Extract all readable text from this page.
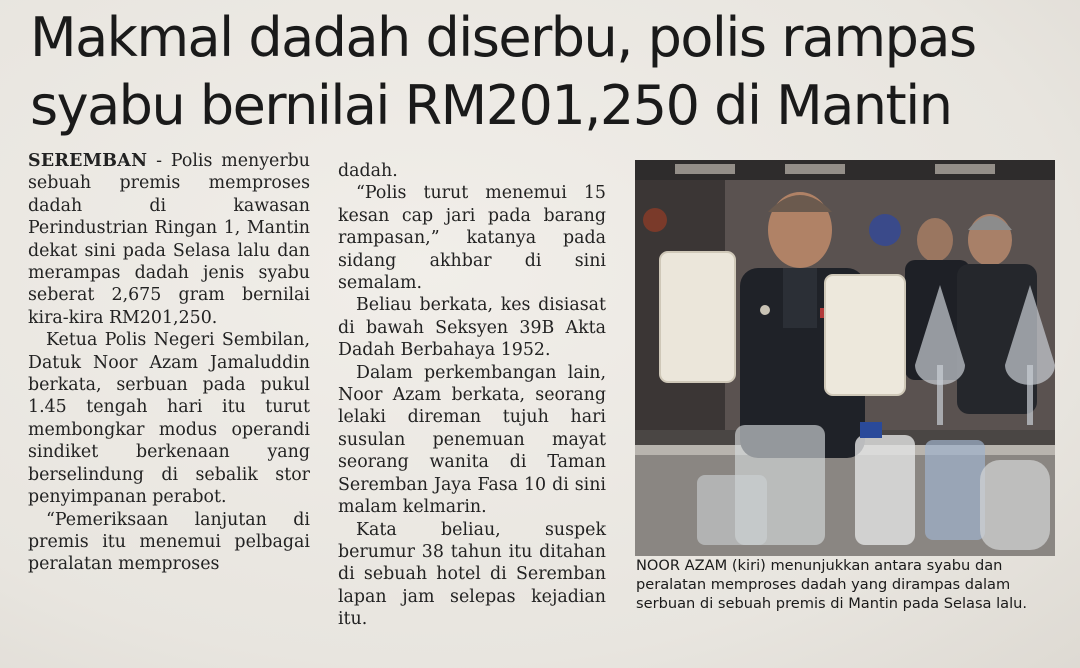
Makmal dadah diserbu, polis rampas
syabu bernilai RM201,250 di Mantin

SEREMBAN - Polis menyerbu sebuah premis memproses dadah di kawasan Perindustrian Ringan 1, Mantin dekat sini pada Selasa lalu dan merampas dadah jenis syabu seberat 2,675 gram bernilai kira-kira RM201,250.

Ketua Polis Negeri Sembilan, Datuk Noor Azam Jamaluddin berkata, serbuan pada pukul 1.45 tengah hari itu turut membongkar modus operandi sindiket berkenaan yang berselindung di sebalik stor penyimpanan perabot.

“Pemeriksaan lanjutan di premis itu menemui pelbagai peralatan memproses

dadah.

“Polis turut menemui 15 kesan cap jari pada barang rampasan,” katanya pada sidang akhbar di sini semalam.

Beliau berkata, kes disiasat di bawah Seksyen 39B Akta Dadah Berbahaya 1952.

Dalam perkembangan lain, Noor Azam berkata, seorang lelaki direman tujuh hari susulan penemuan mayat seorang wanita di Taman Seremban Jaya Fasa 10 di sini malam kelmarin.

Kata beliau, suspek berumur 38 tahun itu ditahan di sebuah hotel di Seremban lapan jam selepas kejadian itu.

NOOR AZAM (kiri) menunjukkan antara syabu dan peralatan memproses dadah yang dirampas dalam serbuan di sebuah premis di Mantin pada Selasa lalu.
